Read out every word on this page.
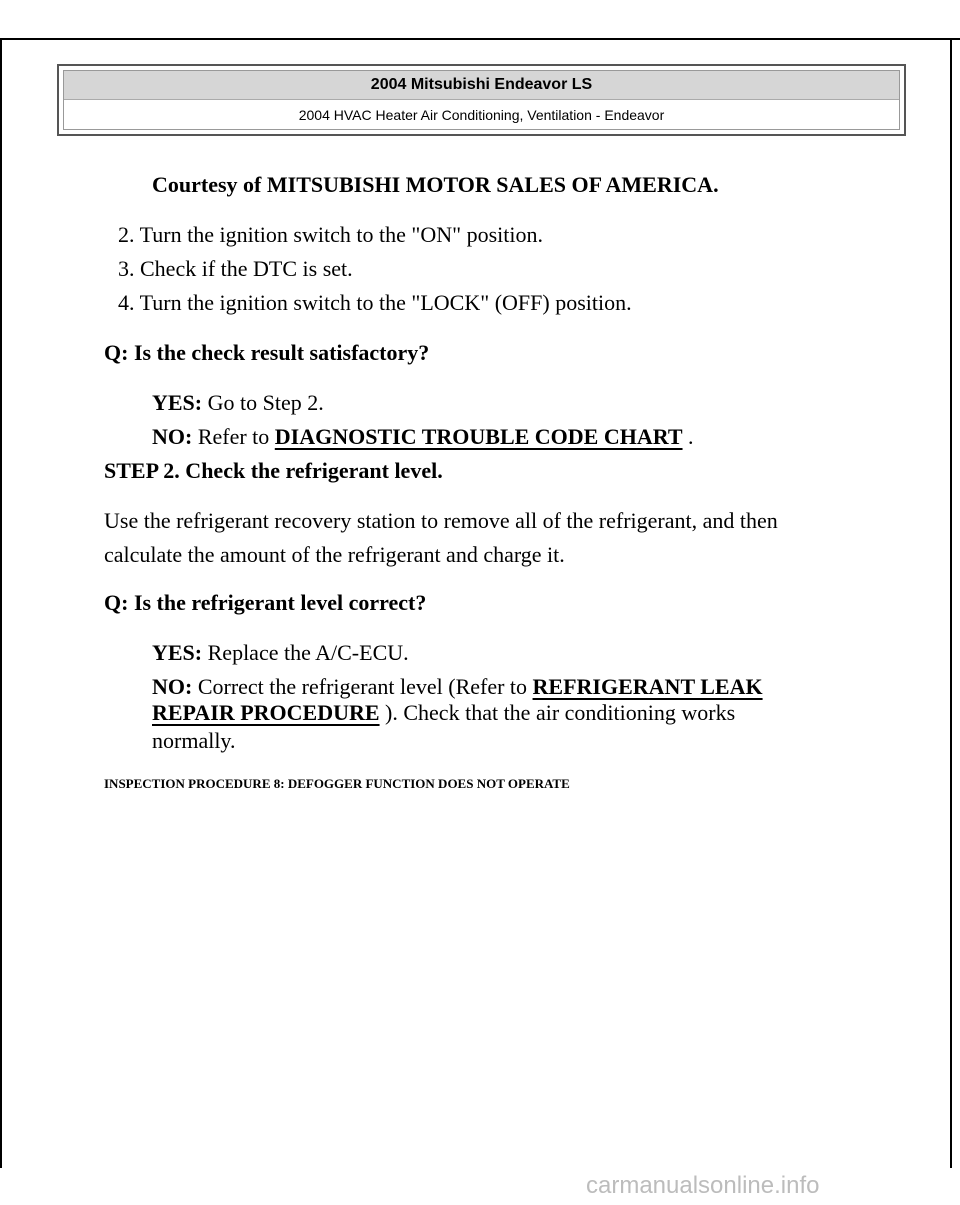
2004 Mitsubishi Endeavor LS
2004 HVAC Heater Air Conditioning, Ventilation - Endeavor
Courtesy of MITSUBISHI MOTOR SALES OF AMERICA.
2. Turn the ignition switch to the "ON" position.
3. Check if the DTC is set.
4. Turn the ignition switch to the "LOCK" (OFF) position.
Q: Is the check result satisfactory?
YES: Go to Step 2.
NO: Refer to DIAGNOSTIC TROUBLE CODE CHART .
STEP 2. Check the refrigerant level.
Use the refrigerant recovery station to remove all of the refrigerant, and then
calculate the amount of the refrigerant and charge it.
Q: Is the refrigerant level correct?
YES: Replace the A/C-ECU.
NO: Correct the refrigerant level (Refer to REFRIGERANT LEAK
REPAIR PROCEDURE ). Check that the air conditioning works
normally.
INSPECTION PROCEDURE 8: DEFOGGER FUNCTION DOES NOT OPERATE
carmanualsonline.info
